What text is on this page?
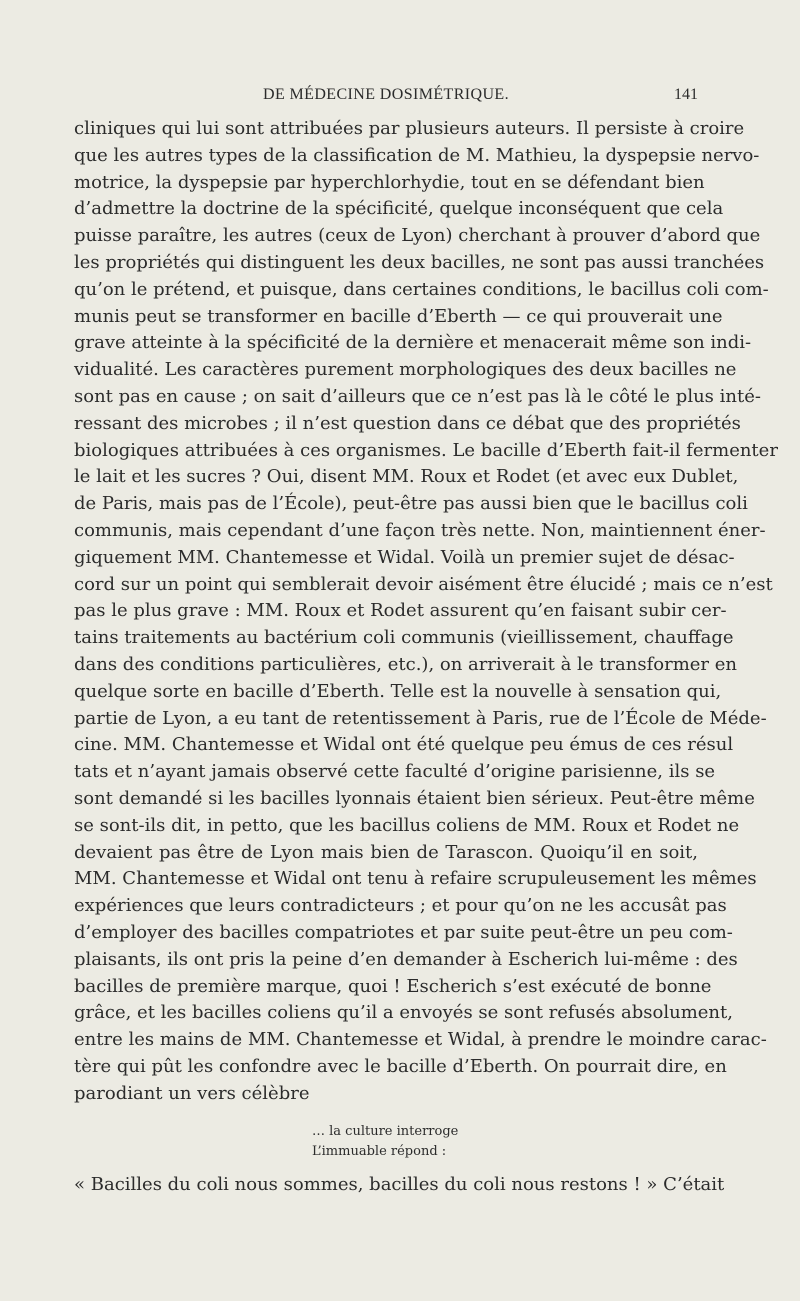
DE MÉDECINE DOSIMÉTRIQUE.	141
cliniques qui lui sont attribuées par plusieurs auteurs. Il persiste à croire
que les autres types de la classification de M. Mathieu, la dyspepsie nervo-
motrice, la dyspepsie par hyperchlorhydie, tout en se défendant bien
d’admettre la doctrine de la spécificité, quelque inconséquent que cela
puisse paraître, les autres (ceux de Lyon) cherchant à prouver d’abord que
les propriétés qui distinguent les deux bacilles, ne sont pas aussi tranchées
qu’on le prétend, et puisque, dans certaines conditions, le bacillus coli com-
munis peut se transformer en bacille d’Eberth — ce qui prouverait une
grave atteinte à la spécificité de la dernière et menacerait même son indi-
vidualité. Les caractères purement morphologiques des deux bacilles ne
sont pas en cause ; on sait d’ailleurs que ce n’est pas là le côté le plus inté-
ressant des microbes ; il n’est question dans ce débat que des propriétés
biologiques attribuées à ces organismes. Le bacille d’Eberth fait-il fermenter
le lait et les sucres ? Oui, disent MM. Roux et Rodet (et avec eux Dublet,
de Paris, mais pas de l’École), peut-être pas aussi bien que le bacillus coli
communis, mais cependant d’une façon très nette. Non, maintiennent éner-
giquement MM. Chantemesse et Widal. Voilà un premier sujet de désac-
cord sur un point qui semblerait devoir aisément être élucidé ; mais ce n’est
pas le plus grave : MM. Roux et Rodet assurent qu’en faisant subir cer-
tains traitements au bactérium coli communis (vieillissement, chauffage
dans des conditions particulières, etc.), on arriverait à le transformer en
quelque sorte en bacille d’Eberth. Telle est la nouvelle à sensation qui,
partie de Lyon, a eu tant de retentissement à Paris, rue de l’École de Méde-
cine. MM. Chantemesse et Widal ont été quelque peu émus de ces résul
tats et n’ayant jamais observé cette faculté d’origine parisienne, ils se
sont demandé si les bacilles lyonnais étaient bien sérieux. Peut-être même
se sont-ils dit, in petto, que les bacillus coliens de MM. Roux et Rodet ne
devaient pas être de Lyon mais bien de Tarascon. Quoiqu’il en soit,
MM. Chantemesse et Widal ont tenu à refaire scrupuleusement les mêmes
expériences que leurs contradicteurs ; et pour qu’on ne les accusât pas
d’employer des bacilles compatriotes et par suite peut-être un peu com-
plaisants, ils ont pris la peine d’en demander à Escherich lui-même : des
bacilles de première marque, quoi ! Escherich s’est exécuté de bonne
grâce, et les bacilles coliens qu’il a envoyés se sont refusés absolument,
entre les mains de MM. Chantemesse et Widal, à prendre le moindre carac-
tère qui pût les confondre avec le bacille d’Eberth. On pourrait dire, en
parodiant un vers célèbre
… la culture interroge
L’immuable répond :
« Bacilles du coli nous sommes, bacilles du coli nous restons ! » C’était
